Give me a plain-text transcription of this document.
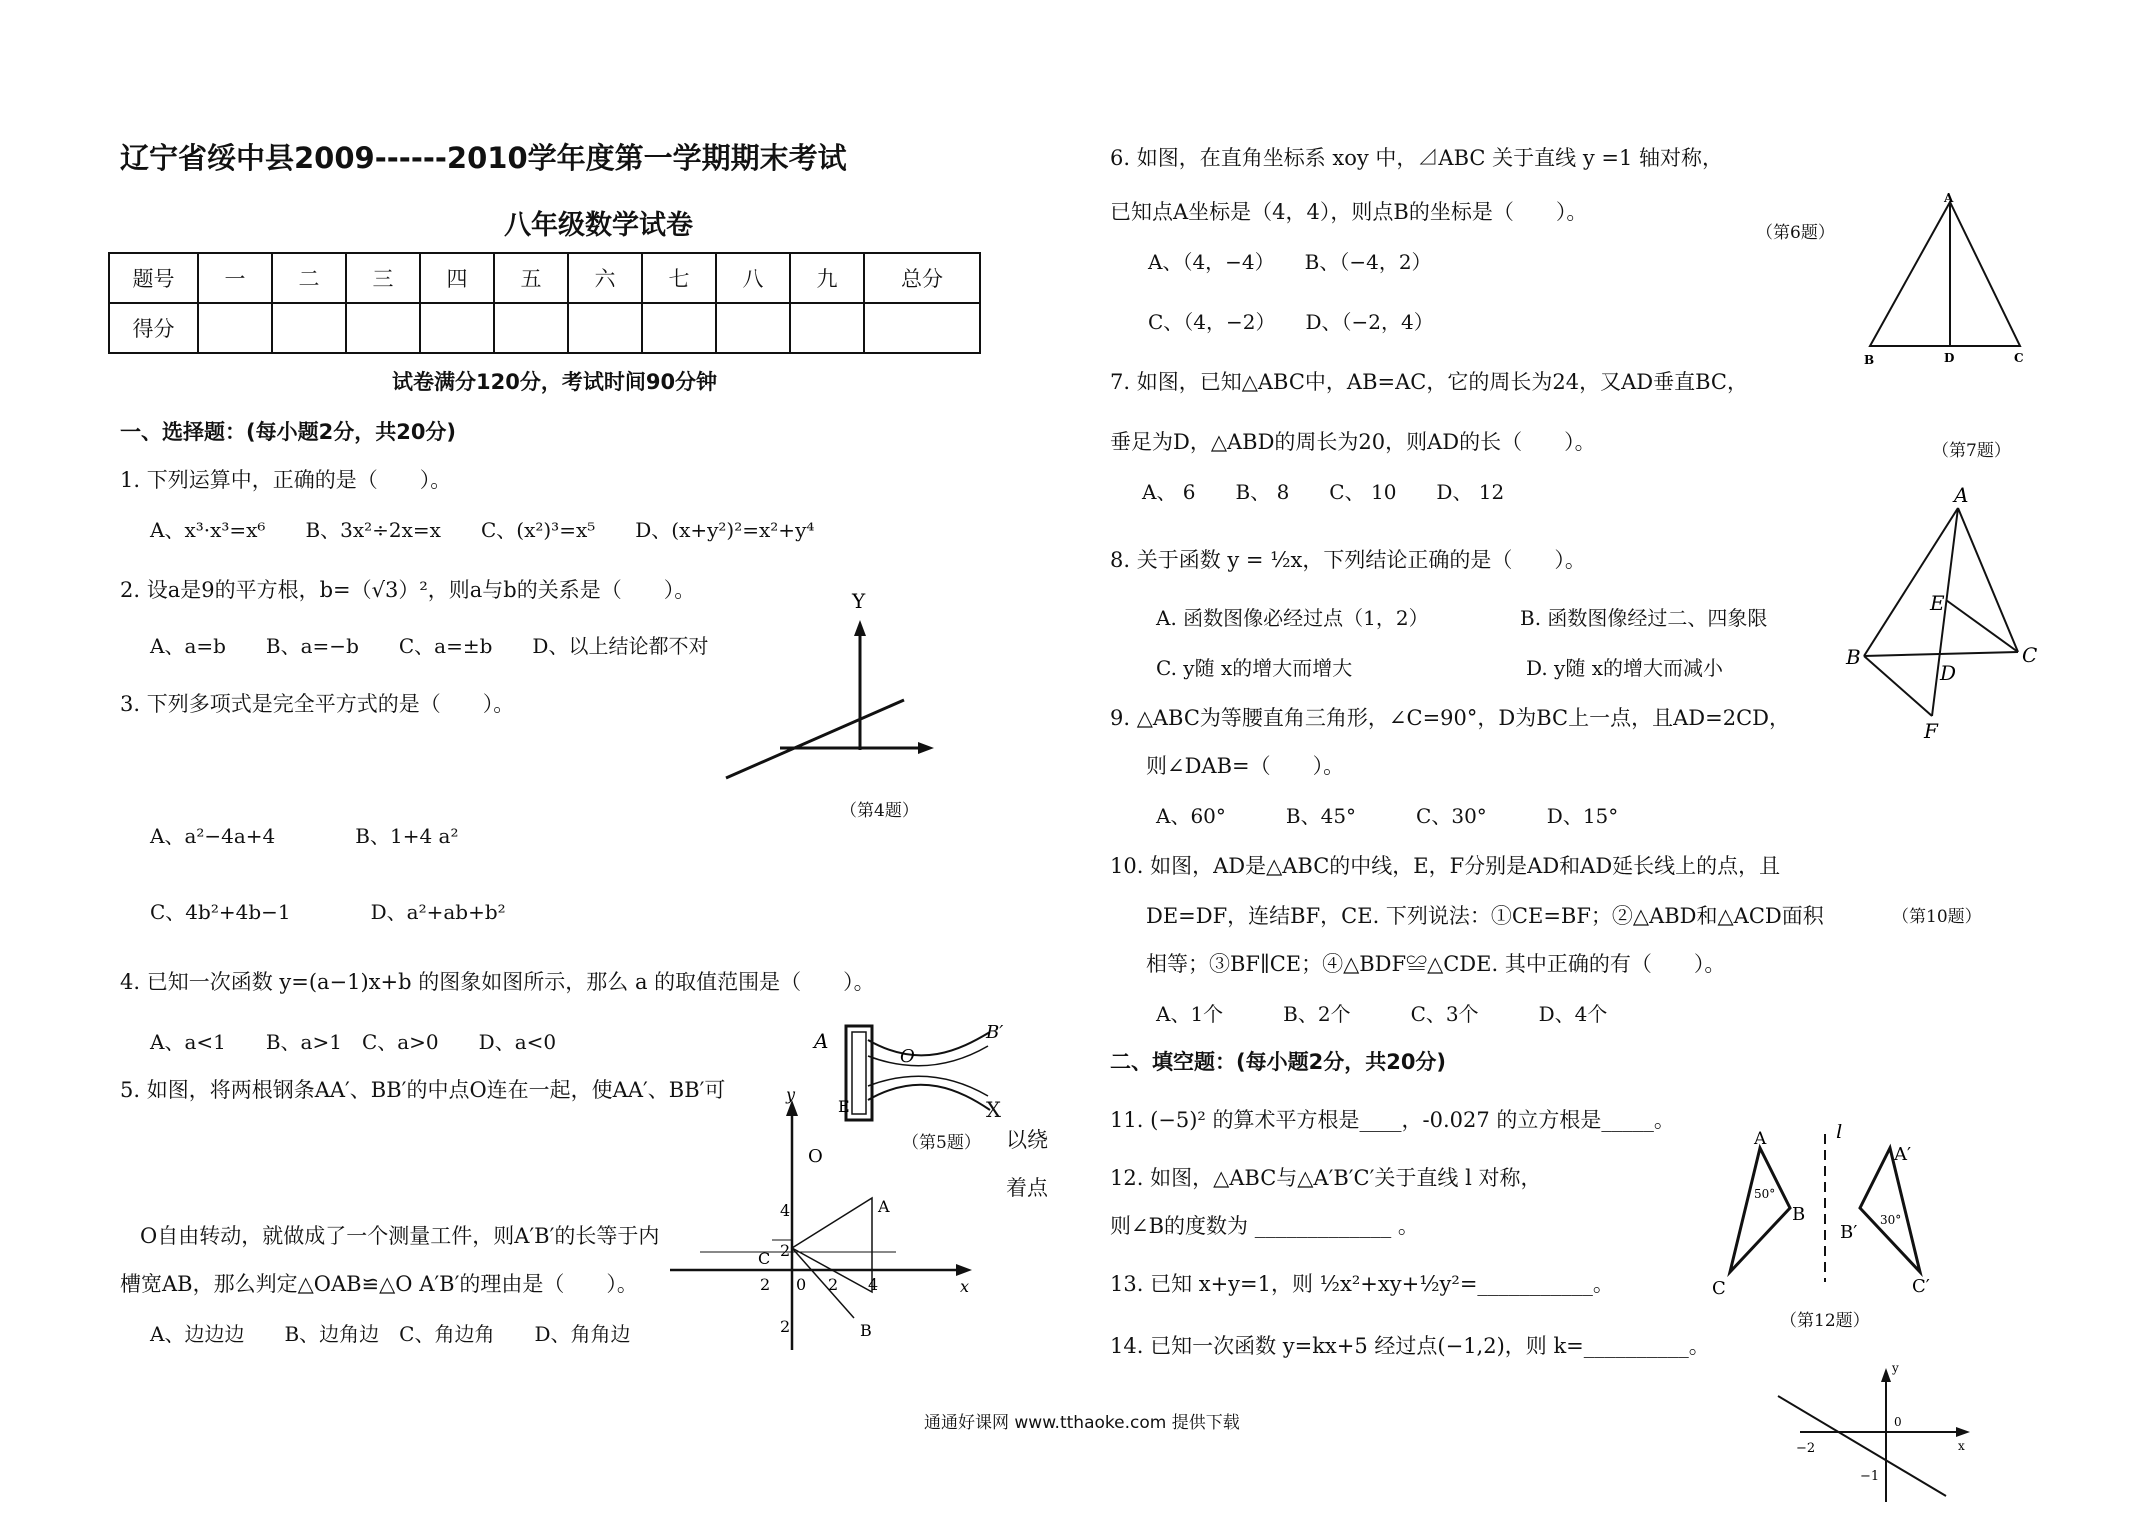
辽宁省绥中县2009------2010学年度第一学期期末考试
八年级数学试卷
题号	一	二	三	四	五	六	七	八	九	总分
得分										
试卷满分120分，考试时间90分钟
一、选择题：(每小题2分，共20分)
1. 下列运算中，正确的是（　　）。
A、x³·x³=x⁶　　B、3x²÷2x=x　　C、(x²)³=x⁵　　D、(x+y²)²=x²+y⁴
2. 设a是9的平方根，b=（√3）²，则a与b的关系是（　　）。
A、a=b　　B、a=−b　　C、a=±b　　D、以上结论都不对
3. 下列多项式是完全平方式的是（　　）。
A、a²−4a+4　　　　B、1+4 a²
C、4b²+4b−1　　　　D、a²+ab+b²
Y
（第4题）
4. 已知一次函数 y=(a−1)x+b 的图象如图所示，那么 a 的取值范围是（　　）。
A、a<1　　B、a>1　C、a>0　　D、a<0	A
O
B′
E
（第5题）
X
5. 如图，将两根钢条AA′、BB′的中点O连在一起，使AA′、BB′可
以绕
着点
O自由转动，就做成了一个测量工件，则A′B′的长等于内
槽宽AB，那么判定△OAB≌△O A′B′的理由是（　　）。
A、边边边　　B、边角边　C、角边角　　D、角角边
y
O
4
2
C
A
B
2 0 2 4	x
2
6. 如图，在直角坐标系 xoy 中，⊿ABC 关于直线 y =1 轴对称，
已知点A坐标是（4，4），则点B的坐标是（　　）。
A、（4，−4）　　B、（−4，2）
C、（4，−2）　　D、（−2，4）
（第6题）
A
B	D	C
7. 如图，已知△ABC中，AB=AC，它的周长为24，又AD垂直BC，
垂足为D，△ABD的周长为20，则AD的长（　　）。
A、 6　　B、 8　　C、 10　　D、 12
（第7题）
A
E
B	C
D
F
8. 关于函数 y = ½x，下列结论正确的是（　　）。
A. 函数图像必经过点（1，2）	B. 函数图像经过二、四象限
C. y随 x的增大而增大	D. y随 x的增大而减小
9. △ABC为等腰直角三角形，∠C=90°，D为BC上一点，且AD=2CD，
则∠DAB=（　　）。
A、60°　　　B、45°　　　C、30°　　　D、15°
10. 如图，AD是△ABC的中线，E，F分别是AD和AD延长线上的点，且
DE=DF，连结BF，CE. 下列说法：①CE=BF；②△ABD和△ACD面积	（第10题）
相等；③BF∥CE；④△BDF≌△CDE. 其中正确的有（　　）。
A、1个　　　B、2个　　　C、3个　　　D、4个
二、填空题：(每小题2分，共20分)
11. (−5)² 的算术平方根是____，-0.027 的立方根是_____。
12. 如图，△ABC与△A′B′C′关于直线 l 对称，
则∠B的度数为 _____________ 。
13. 已知 x+y=1，则 ½x²+xy+½y²=___________。
14. 已知一次函数 y=kx+5 经过点(−1,2)，则 k=__________。
A
50°
B
C
l
A′
B′
30°
C′
（第12题）
y
0
−2
−1
x
通通好课网 www.tthaoke.com 提供下载
